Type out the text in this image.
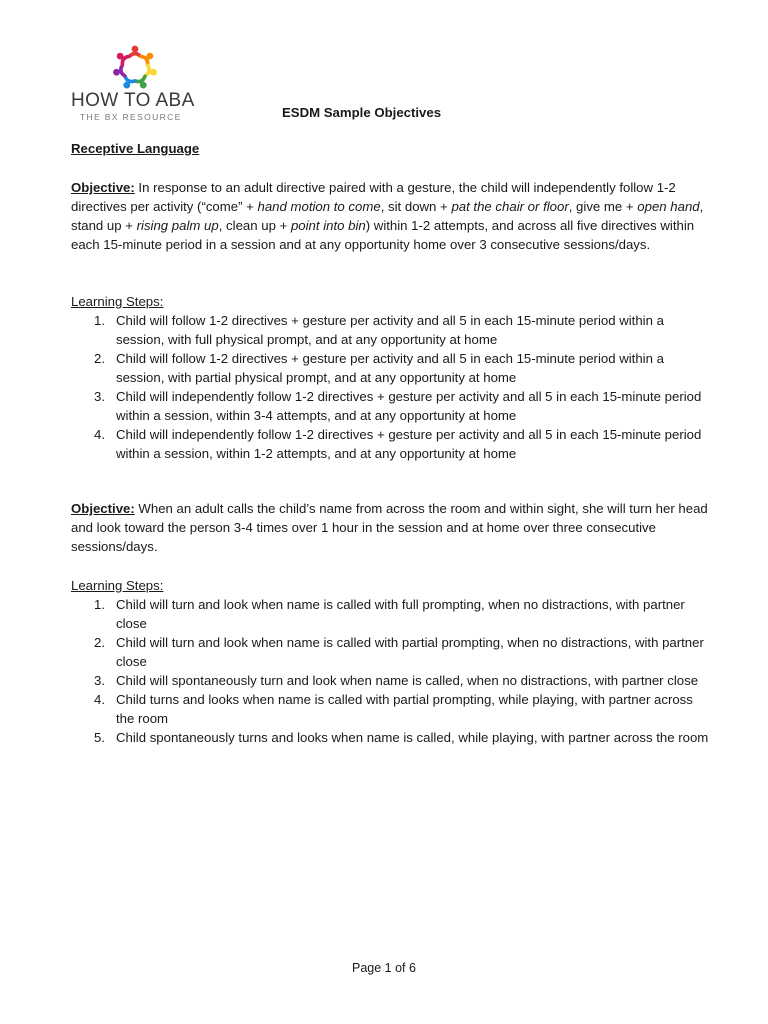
HOW TO ABA
THE BX RESOURCE	ESDM Sample Objectives
Receptive Language
Objective: In response to an adult directive paired with a gesture, the child will independently follow 1-2 directives per activity (“come” + hand motion to come, sit down + pat the chair or floor, give me + open hand, stand up + rising palm up, clean up + point into bin) within 1-2 attempts, and across all five directives within each 15-minute period in a session and at any opportunity home over 3 consecutive sessions/days.
Learning Steps:
1. Child will follow 1-2 directives + gesture per activity and all 5 in each 15-minute period within a session, with full physical prompt, and at any opportunity at home
2. Child will follow 1-2 directives + gesture per activity and all 5 in each 15-minute period within a session, with partial physical prompt, and at any opportunity at home
3. Child will independently follow 1-2 directives + gesture per activity and all 5 in each 15-minute period within a session, within 3-4 attempts, and at any opportunity at home
4. Child will independently follow 1-2 directives + gesture per activity and all 5 in each 15-minute period within a session, within 1-2 attempts, and at any opportunity at home
Objective: When an adult calls the child’s name from across the room and within sight, she will turn her head and look toward the person 3-4 times over 1 hour in the session and at home over three consecutive sessions/days.
Learning Steps:
1. Child will turn and look when name is called with full prompting, when no distractions, with partner close
2. Child will turn and look when name is called with partial prompting, when no distractions, with partner close
3. Child will spontaneously turn and look when name is called, when no distractions, with partner close
4. Child turns and looks when name is called with partial prompting, while playing, with partner across the room
5. Child spontaneously turns and looks when name is called, while playing, with partner across the room
Page 1 of 6
